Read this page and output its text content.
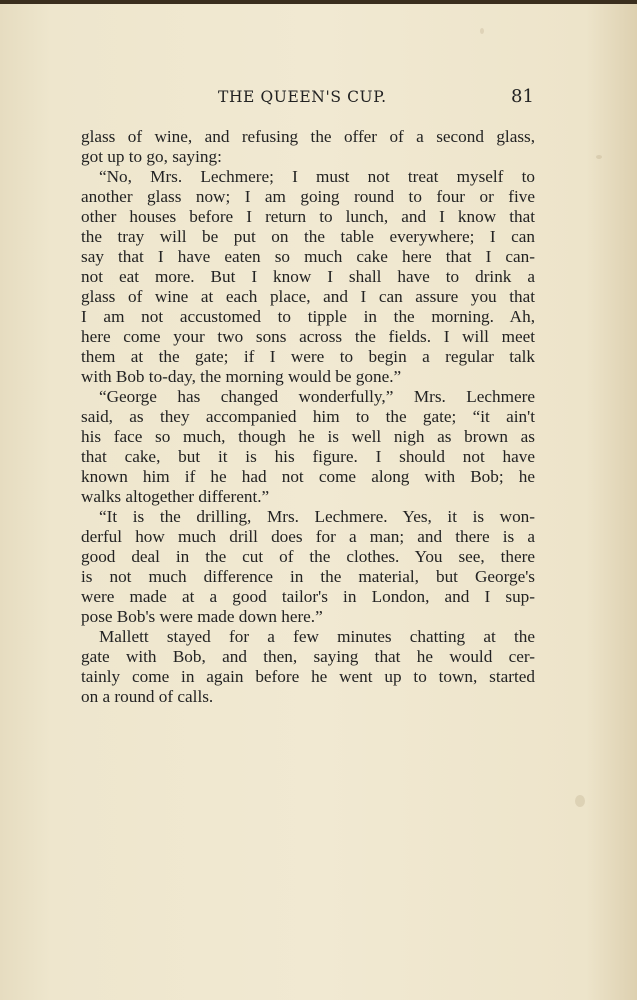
THE QUEEN'S CUP.	81
glass of wine, and refusing the offer of a second glass,
got up to go, saying:
“No, Mrs. Lechmere; I must not treat myself to
another glass now; I am going round to four or five
other houses before I return to lunch, and I know that
the tray will be put on the table everywhere; I can
say that I have eaten so much cake here that I can-
not eat more. But I know I shall have to drink a
glass of wine at each place, and I can assure you that
I am not accustomed to tipple in the morning. Ah,
here come your two sons across the fields. I will meet
them at the gate; if I were to begin a regular talk
with Bob to-day, the morning would be gone.”
“George has changed wonderfully,” Mrs. Lechmere
said, as they accompanied him to the gate; “it ain't
his face so much, though he is well nigh as brown as
that cake, but it is his figure. I should not have
known him if he had not come along with Bob; he
walks altogether different.”
“It is the drilling, Mrs. Lechmere. Yes, it is won-
derful how much drill does for a man; and there is a
good deal in the cut of the clothes. You see, there
is not much difference in the material, but George's
were made at a good tailor's in London, and I sup-
pose Bob's were made down here.”
Mallett stayed for a few minutes chatting at the
gate with Bob, and then, saying that he would cer-
tainly come in again before he went up to town, started
on a round of calls.
